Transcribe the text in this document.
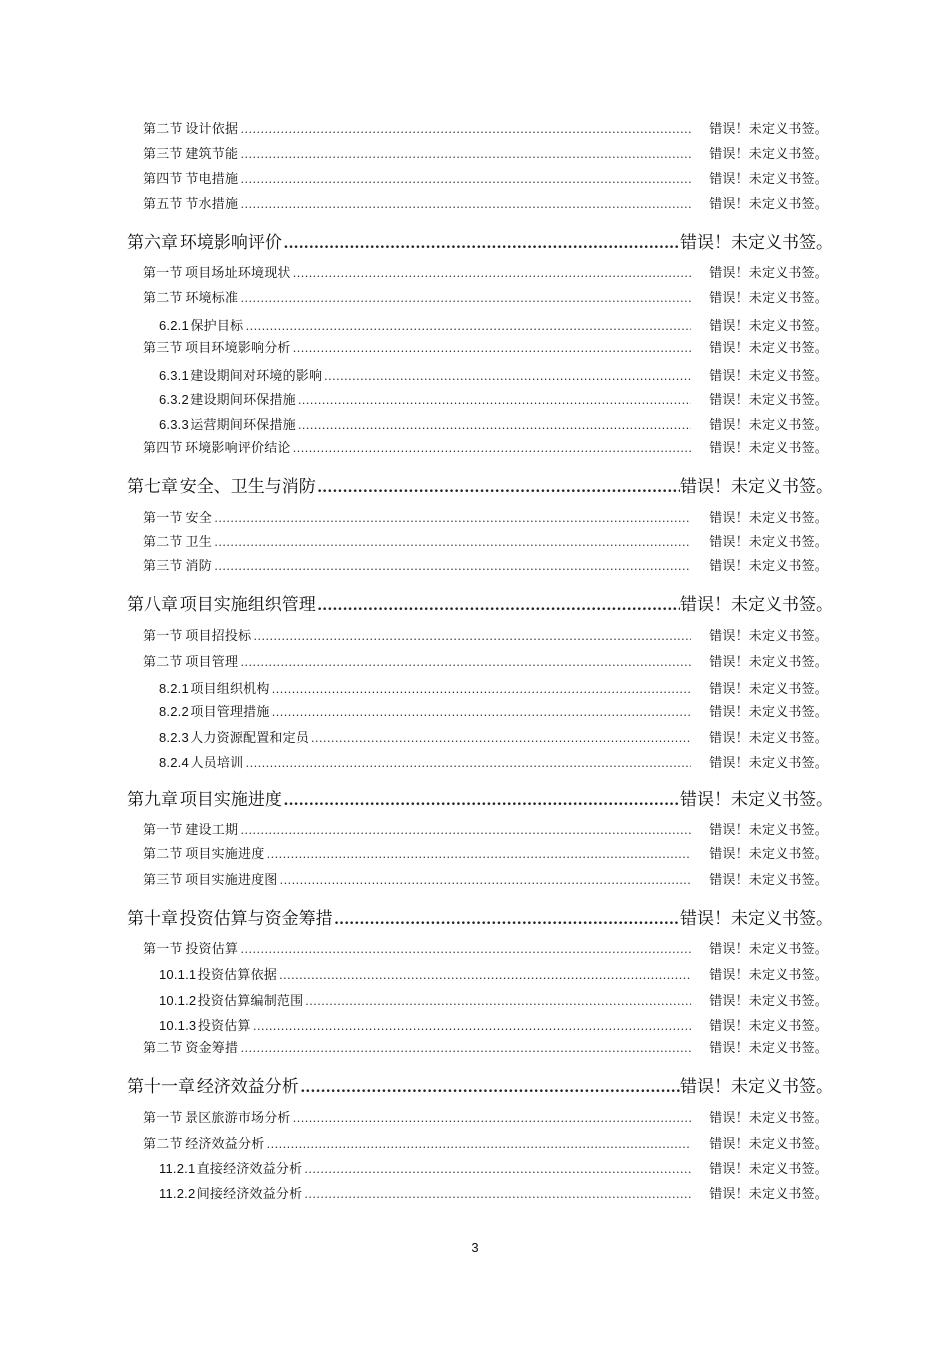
第二节 设计依据 .....	错误！未定义书签。
第三节 建筑节能 .....	错误！未定义书签。
第四节 节电措施 .....	错误！未定义书签。
第五节 节水措施 .....	错误！未定义书签。
第六章 环境影响评价 .....	错误！未定义书签。
第一节 项目场址环境现状 .....	错误！未定义书签。
第二节 环境标准 .....	错误！未定义书签。
6.2.1 保护目标 .....	错误！未定义书签。
第三节 项目环境影响分析 .....	错误！未定义书签。
6.3.1 建设期间对环境的影响 .....	错误！未定义书签。
6.3.2 建设期间环保措施 .....	错误！未定义书签。
6.3.3 运营期间环保措施 .....	错误！未定义书签。
第四节 环境影响评价结论 .....	错误！未定义书签。
第七章 安全、卫生与消防 .....	错误！未定义书签。
第一节 安全 .....	错误！未定义书签。
第二节 卫生 .....	错误！未定义书签。
第三节 消防 .....	错误！未定义书签。
第八章 项目实施组织管理 .....	错误！未定义书签。
第一节 项目招投标 .....	错误！未定义书签。
第二节 项目管理 .....	错误！未定义书签。
8.2.1 项目组织机构 .....	错误！未定义书签。
8.2.2 项目管理措施 .....	错误！未定义书签。
8.2.3 人力资源配置和定员 .....	错误！未定义书签。
8.2.4 人员培训 .....	错误！未定义书签。
第九章 项目实施进度 .....	错误！未定义书签。
第一节 建设工期 .....	错误！未定义书签。
第二节 项目实施进度 .....	错误！未定义书签。
第三节 项目实施进度图 .....	错误！未定义书签。
第十章 投资估算与资金筹措 .....	错误！未定义书签。
第一节 投资估算 .....	错误！未定义书签。
10.1.1 投资估算依据 .....	错误！未定义书签。
10.1.2 投资估算编制范围 .....	错误！未定义书签。
10.1.3 投资估算 .....	错误！未定义书签。
第二节 资金筹措 .....	错误！未定义书签。
第十一章 经济效益分析 .....	错误！未定义书签。
第一节 景区旅游市场分析 .....	错误！未定义书签。
第二节 经济效益分析 .....	错误！未定义书签。
11.2.1 直接经济效益分析 .....	错误！未定义书签。
11.2.2 间接经济效益分析 .....	错误！未定义书签。
3
